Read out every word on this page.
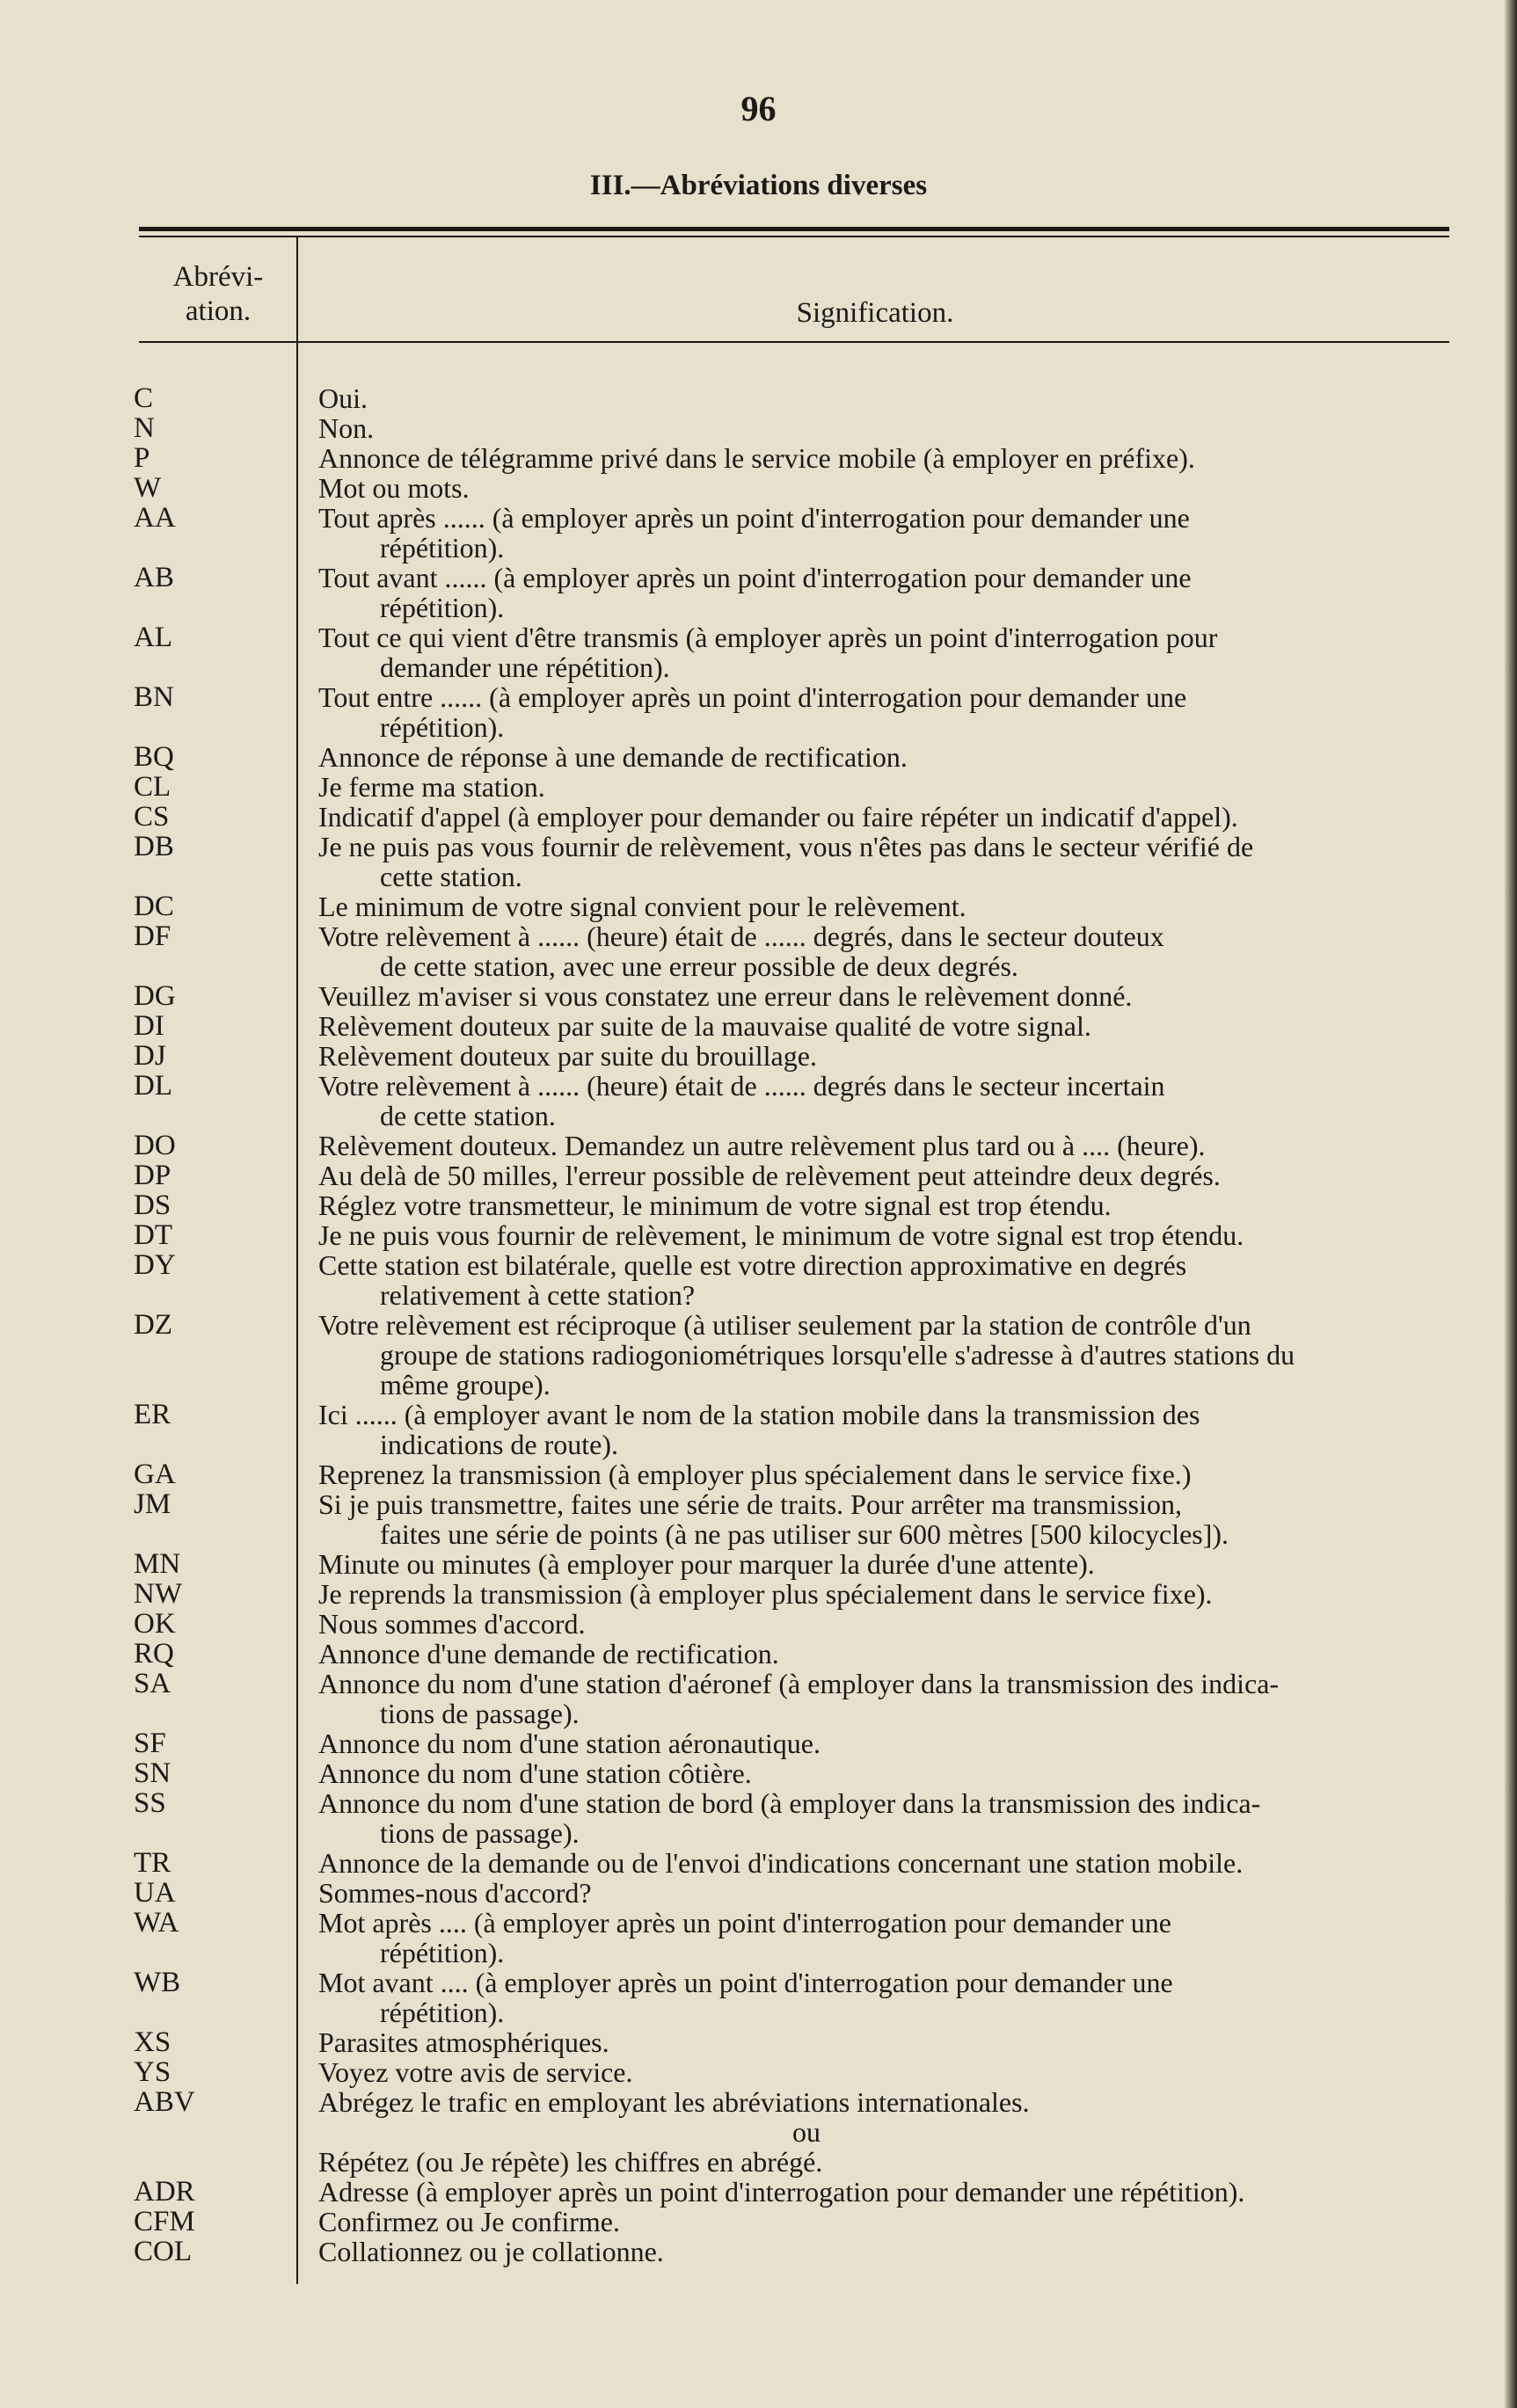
96
III.—Abréviations diverses
Abrévi-ation.	Signification.
C	Oui.

N	Non.

P	Annonce de télégramme privé dans le service mobile (à employer en préfixe).

W	Mot ou mots.

AA	Tout après ...... (à employer après un point d'interrogation pour demander une

répétition).

AB	Tout avant ...... (à employer après un point d'interrogation pour demander une

répétition).

AL	Tout ce qui vient d'être transmis (à employer après un point d'interrogation pour

demander une répétition).

BN	Tout entre ...... (à employer après un point d'interrogation pour demander une

répétition).

BQ	Annonce de réponse à une demande de rectification.

CL	Je ferme ma station.

CS	Indicatif d'appel (à employer pour demander ou faire répéter un indicatif d'appel).

DB	Je ne puis pas vous fournir de relèvement, vous n'êtes pas dans le secteur vérifié de

cette station.

DC	Le minimum de votre signal convient pour le relèvement.

DF	Votre relèvement à ...... (heure) était de ...... degrés, dans le secteur douteux

de cette station, avec une erreur possible de deux degrés.

DG	Veuillez m'aviser si vous constatez une erreur dans le relèvement donné.

DI	Relèvement douteux par suite de la mauvaise qualité de votre signal.

DJ	Relèvement douteux par suite du brouillage.

DL	Votre relèvement à ...... (heure) était de ...... degrés dans le secteur incertain

de cette station.

DO	Relèvement douteux. Demandez un autre relèvement plus tard ou à .... (heure).

DP	Au delà de 50 milles, l'erreur possible de relèvement peut atteindre deux degrés.

DS	Réglez votre transmetteur, le minimum de votre signal est trop étendu.

DT	Je ne puis vous fournir de relèvement, le minimum de votre signal est trop étendu.

DY	Cette station est bilatérale, quelle est votre direction approximative en degrés

relativement à cette station?

DZ	Votre relèvement est réciproque (à utiliser seulement par la station de contrôle d'un

groupe de stations radiogoniométriques lorsqu'elle s'adresse à d'autres stations du

même groupe).

ER	Ici ...... (à employer avant le nom de la station mobile dans la transmission des

indications de route).

GA	Reprenez la transmission (à employer plus spécialement dans le service fixe.)

JM	Si je puis transmettre, faites une série de traits. Pour arrêter ma transmission,

faites une série de points (à ne pas utiliser sur 600 mètres [500 kilocycles]).

MN	Minute ou minutes (à employer pour marquer la durée d'une attente).

NW	Je reprends la transmission (à employer plus spécialement dans le service fixe).

OK	Nous sommes d'accord.

RQ	Annonce d'une demande de rectification.

SA	Annonce du nom d'une station d'aéronef (à employer dans la transmission des indica-

tions de passage).

SF	Annonce du nom d'une station aéronautique.

SN	Annonce du nom d'une station côtière.

SS	Annonce du nom d'une station de bord (à employer dans la transmission des indica-

tions de passage).

TR	Annonce de la demande ou de l'envoi d'indications concernant une station mobile.

UA	Sommes-nous d'accord?

WA	Mot après .... (à employer après un point d'interrogation pour demander une

répétition).

WB	Mot avant .... (à employer après un point d'interrogation pour demander une

répétition).

XS	Parasites atmosphériques.

YS	Voyez votre avis de service.

ABV	Abrégez le trafic en employant les abréviations internationales.

ou

Répétez (ou Je répète) les chiffres en abrégé.

ADR	Adresse (à employer après un point d'interrogation pour demander une répétition).

CFM	Confirmez ou Je confirme.

COL	Collationnez ou je collationne.
